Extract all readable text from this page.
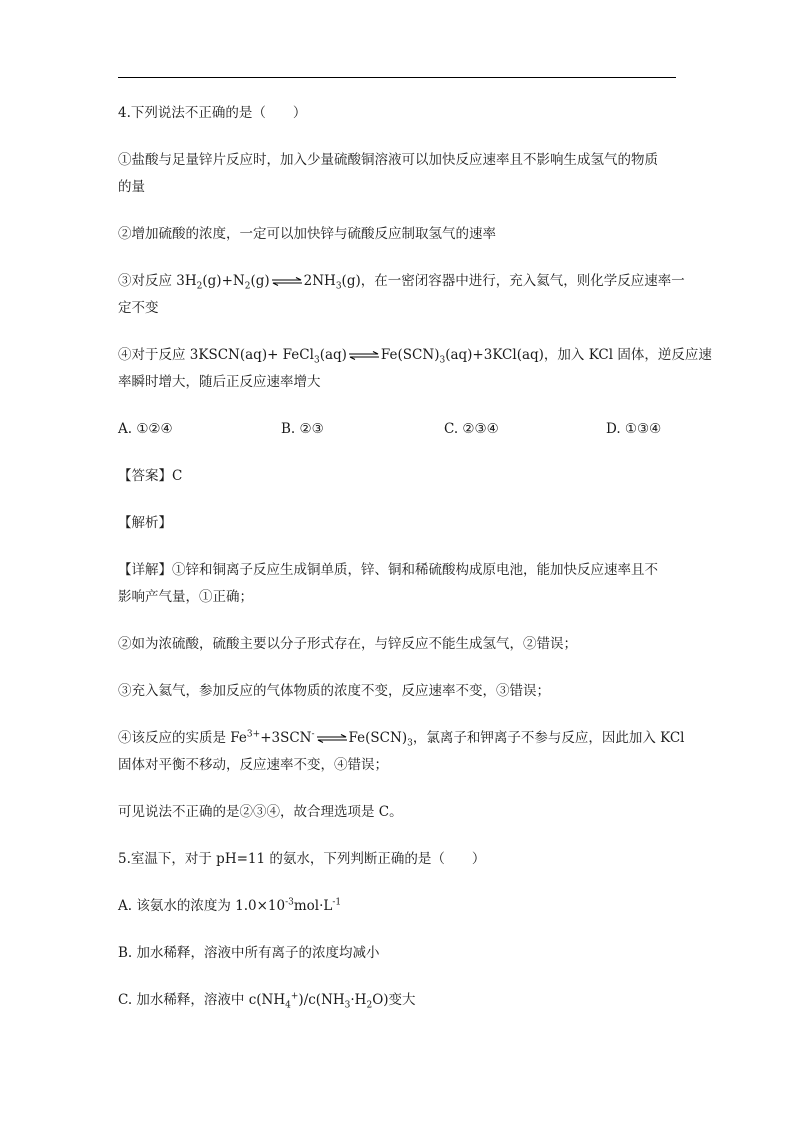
4.下列说法不正确的是（　　）

①盐酸与足量锌片反应时，加入少量硫酸铜溶液可以加快反应速率且不影响生成氢气的物质

的量

②增加硫酸的浓度，一定可以加快锌与硫酸反应制取氢气的速率

③对反应 $3H_2(g)+N_2(g)\rightleftharpoons 2NH_3(g)$，在一密闭容器中进行，充入氦气，则化学反应速率一

定不变

④对于反应 3KSCN(aq)+ $FeCl_3(aq)\rightleftharpoons Fe(SCN)_3(aq)+3KCl(aq)$，加入 KCl 固体，逆反应速

率瞬时增大，随后正反应速率增大

A. ①②④	B. ②③	C. ②③④	D. ①③④

【答案】C

【解析】

【详解】①锌和铜离子反应生成铜单质，锌、铜和稀硫酸构成原电池，能加快反应速率且不

影响产气量，①正确；

②如为浓硫酸，硫酸主要以分子形式存在，与锌反应不能生成氢气，②错误；

③充入氦气，参加反应的气体物质的浓度不变，反应速率不变，③错误；

④该反应的实质是 $Fe^{3+}+3SCN^-\rightleftharpoons Fe(SCN)_3$，氯离子和钾离子不参与反应，因此加入 KCl

固体对平衡不移动，反应速率不变，④错误；

可见说法不正确的是②③④，故合理选项是 C。

5.室温下，对于 pH=11 的氨水，下列判断正确的是（　　）

A. 该氨水的浓度为 $1.0\times 10^{-3}mol\cdot L^{-1}$

B. 加水稀释，溶液中所有离子的浓度均减小

C. 加水稀释，溶液中 $c(NH_4^+)/c(NH_3\cdot H_2O)$变大
